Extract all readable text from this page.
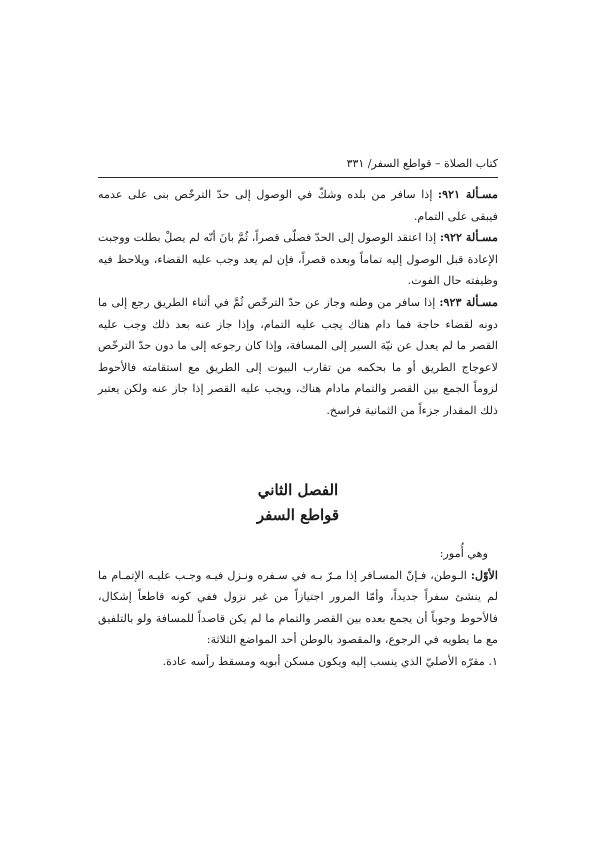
كتاب الصلاة – قواطع السفر/ ٣٣١

مسـألة ٩٢١: إذا سافر من بلده وشكّ في الوصول إلى حدّ الترخّص بنى على عدمه فيبقى على التمام.

مسـألة ٩٢٢: إذا اعتقد الوصول إلى الحدّ فصلّى قصراً، ثُمَّ بانَ أنّه لم يصلْ بطلت ووجبت الإعادة قبل الوصول إليه تماماً وبعده قصراً، فإن لم يعد وجب عليه القضاء، ويلاحظ فيه وظيفته حال الفوت.

مسـألة ٩٢٣: إذا سافر من وطنه وجاز عن حدّ الترخّص ثُمَّ في أثناء الطريق رجع إلى ما دونه لقضاء حاجة فما دام هناك يجب عليه التمام، وإذا جاز عنه بعد ذلك وجب عليه القصر ما لم يعدل عن نيّة السير إلى المسافة، وإذا كان رجوعه إلى ما دون حدّ الترخّص لاعوجاج الطريق أو ما بحكمه من تقارب البيوت إلى الطريق مع استقامته فالأحوط لزوماً الجمع بين القصر والتمام مادام هناك، ويجب عليه القصر إذا جاز عنه ولكن يعتبر ذلك المقدار جزءاً من الثمانية فراسخ.

الفصل الثاني

قواطع السفر

وهي أُمور:

الأوّل: الـوطن، فـإنّ المسـافر إذا مـرّ بـه في سـفره ونـزل فيـه وجـب عليـه الإتمـام ما لم ينشئ سفراً جديداً، وأمّا المرور اجتيازاً من غير نزول ففي كونه قاطعاً إشكال، فالأحوط وجوباً أن يجمع بعده بين القصر والتمام ما لم يكن قاصداً للمسافة ولو بالتلفيق مع ما يطويه في الرجوع، والمقصود بالوطن أحد المواضع الثلاثة:

١. مقرّه الأصليّ الذي ينسب إليه ويكون مسكن أبويه ومسقط رأسه عادة.
